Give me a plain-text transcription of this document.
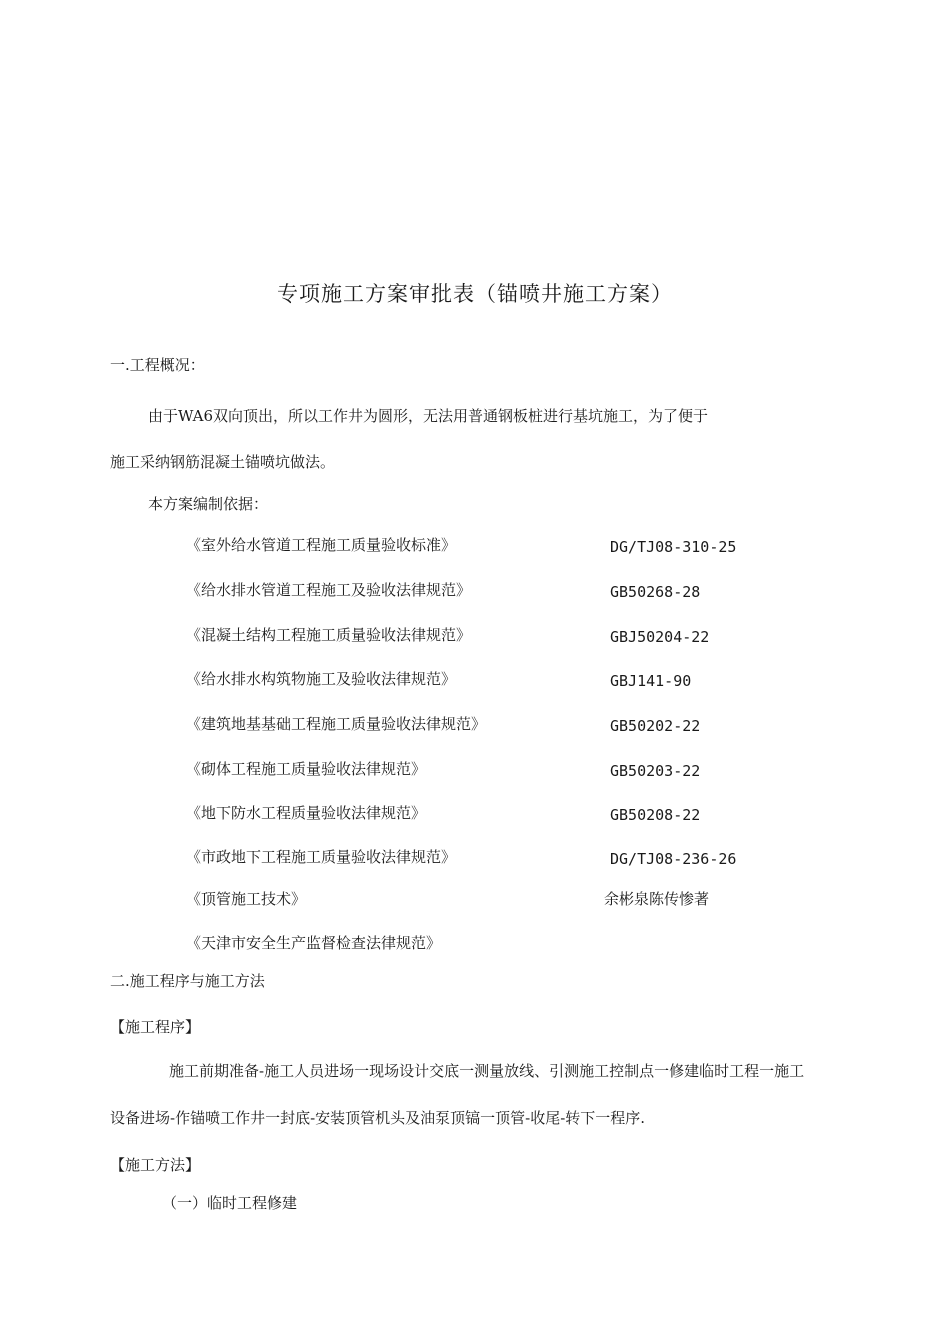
专项施工方案审批表（锚喷井施工方案）
一.工程概况：
由于WA6双向顶出，所以工作井为圆形，无法用普通钢板桩进行基坑施工，为了便于
施工采纳钢筋混凝土锚喷坑做法。
本方案编制依据：
《室外给水管道工程施工质量验收标准》	DG/TJ08-310-25
《给水排水管道工程施工及验收法律规范》	GB50268-28
《混凝土结构工程施工质量验收法律规范》	GBJ50204-22
《给水排水构筑物施工及验收法律规范》	GBJ141-90
《建筑地基基础工程施工质量验收法律规范》	GB50202-22
《砌体工程施工质量验收法律规范》	GB50203-22
《地下防水工程质量验收法律规范》	GB50208-22
《市政地下工程施工质量验收法律规范》	DG/TJ08-236-26
《顶管施工技术》	余彬泉陈传惨著
《天津市安全生产监督检查法律规范》
二.施工程序与施工方法
【施工程序】
施工前期准备-施工人员进场一现场设计交底一测量放线、引测施工控制点一修建临时工程一施工
设备进场-作锚喷工作井一封底-安装顶管机头及油泵顶镐一顶管-收尾-转下一程序.
【施工方法】
（一）临时工程修建
